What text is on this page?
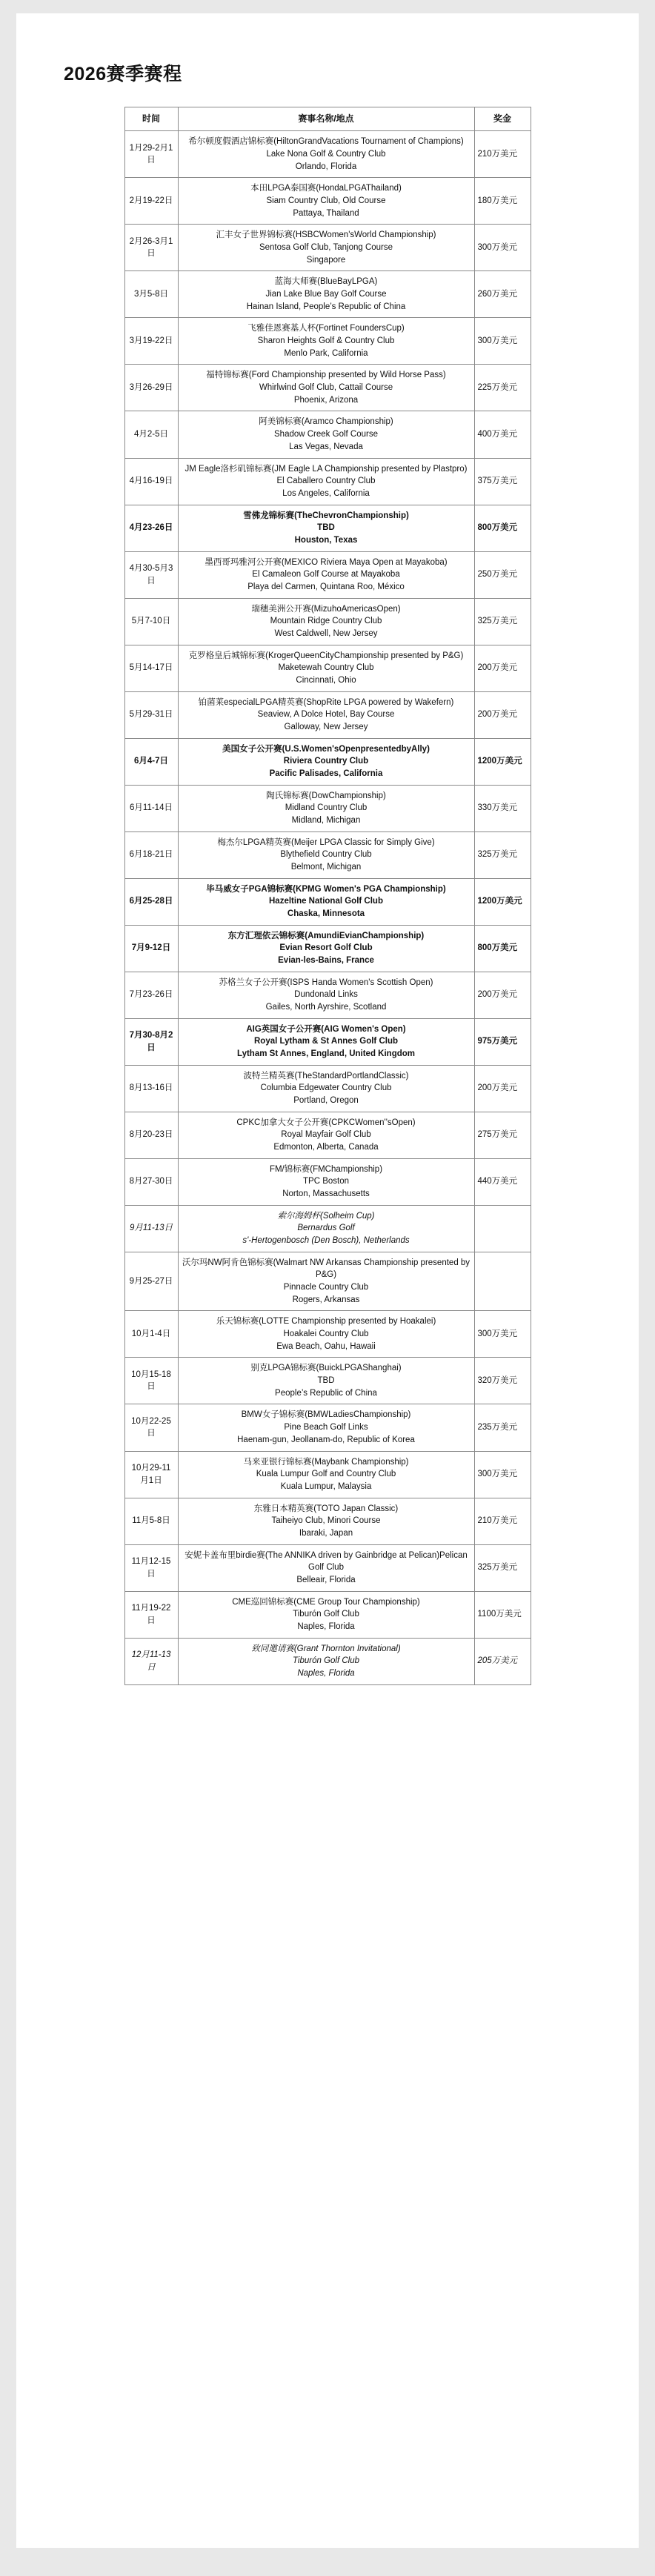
2026赛季赛程
时间	赛事名称/地点	奖金
1月29-2月1日	希尔顿度假酒店锦标赛(HiltonGrandVacations Tournament of Champions)
Lake Nona Golf & Country Club
Orlando, Florida	210万美元
2月19-22日	本田LPGA泰国赛(HondaLPGAThailand)
Siam Country Club, Old Course
Pattaya, Thailand	180万美元
2月26-3月1日	汇丰女子世界锦标赛(HSBCWomen'sWorld Championship)
Sentosa Golf Club, Tanjong Course
Singapore	300万美元
3月5-8日	蓝海大师赛(BlueBayLPGA)
Jian Lake Blue Bay Golf Course
Hainan Island, People’s Republic of China	260万美元
3月19-22日	飞雅佳恩赛基人杯(Fortinet FoundersCup)
Sharon Heights Golf & Country Club
Menlo Park, California	300万美元
3月26-29日	福特锦标赛(Ford Championship presented by Wild Horse Pass)
Whirlwind Golf Club, Cattail Course
Phoenix, Arizona	225万美元
4月2-5日	阿美锦标赛(Aramco Championship)
Shadow Creek Golf Course
Las Vegas, Nevada	400万美元
4月16-19日	JM Eagle洛杉矶锦标赛(JM Eagle LA Championship presented by Plastpro)
El Caballero Country Club
Los Angeles, California	375万美元
4月23-26日	雪佛龙锦标赛(TheChevronChampionship)
TBD
Houston, Texas	800万美元
4月30-5月3日	墨西哥玛雅河公开赛(MEXICO Riviera Maya Open at Mayakoba)
El Camaleon Golf Course at Mayakoba
Playa del Carmen, Quintana Roo, México	250万美元
5月7-10日	瑞穗美洲公开赛(MizuhoAmericasOpen)
Mountain Ridge Country Club
West Caldwell, New Jersey	325万美元
5月14-17日	克罗格皇后城锦标赛(KrogerQueenCityChampionship presented by P&G)
Maketewah Country Club
Cincinnati, Ohio	200万美元
5月29-31日	铂菌莱especialLPGA精英赛(ShopRite LPGA powered by Wakefern)
Seaview, A Dolce Hotel, Bay Course
Galloway, New Jersey	200万美元
6月4-7日	美国女子公开赛(U.S.Women'sOpenpresentedbyAlly)
Riviera Country Club
Pacific Palisades, California	1200万美元
6月11-14日	陶氏锦标赛(DowChampionship)
Midland Country Club
Midland, Michigan	330万美元
6月18-21日	梅杰尔LPGA精英赛(Meijer LPGA Classic for Simply Give)
Blythefield Country Club
Belmont, Michigan	325万美元
6月25-28日	毕马威女子PGA锦标赛(KPMG Women's PGA Championship)
Hazeltine National Golf Club
Chaska, Minnesota	1200万美元
7月9-12日	东方汇理依云锦标赛(AmundiEvianChampionship)
Evian Resort Golf Club
Evian-les-Bains, France	800万美元
7月23-26日	苏格兰女子公开赛(ISPS Handa Women's Scottish Open)
Dundonald Links
Gailes, North Ayrshire, Scotland	200万美元
7月30-8月2日	AIG英国女子公开赛(AIG Women's Open)
Royal Lytham & St Annes Golf Club
Lytham St Annes, England, United Kingdom	975万美元
8月13-16日	波特兰精英赛(TheStandardPortlandClassic)
Columbia Edgewater Country Club
Portland, Oregon	200万美元
8月20-23日	CPKC加拿大女子公开赛(CPKCWomen''sOpen)
Royal Mayfair Golf Club
Edmonton, Alberta, Canada	275万美元
8月27-30日	FM/锦标赛(FMChampionship)
TPC Boston
Norton, Massachusetts	440万美元
9月11-13日	索尔海姆杯(Solheim Cup)
Bernardus Golf
s'-Hertogenbosch (Den Bosch), Netherlands	

9月25-27日	沃尔玛NW阿肯色锦标赛(Walmart NW Arkansas Championship presented by P&G)
Pinnacle Country Club
Rogers, Arkansas	

10月1-4日	乐天锦标赛(LOTTE Championship presented by Hoakalei)
Hoakalei Country Club
Ewa Beach, Oahu, Hawaii	300万美元
10月15-18日	别克LPGA锦标赛(BuickLPGAShanghai)
TBD
People’s Republic of China	320万美元
10月22-25日	BMW女子锦标赛(BMWLadiesChampionship)
Pine Beach Golf Links
Haenam-gun, Jeollanam-do, Republic of Korea	235万美元
10月29-11月1日	马来亚银行锦标赛(Maybank Championship)
Kuala Lumpur Golf and Country Club
Kuala Lumpur, Malaysia	300万美元
11月5-8日	东雅日本精英赛(TOTO Japan Classic)
Taiheiyo Club, Minori Course
Ibaraki, Japan	210万美元
11月12-15日	安妮卡盖布里birdie赛(The ANNIKA driven by Gainbridge at Pelican)Pelican Golf Club
Belleair, Florida	325万美元
11月19-22日	CME巡回锦标赛(CME Group Tour Championship)
Tiburón Golf Club
Naples, Florida	1100万美元
12月11-13日	致同邀请赛(Grant Thornton Invitational)
Tiburón Golf Club
Naples, Florida	205万美元
